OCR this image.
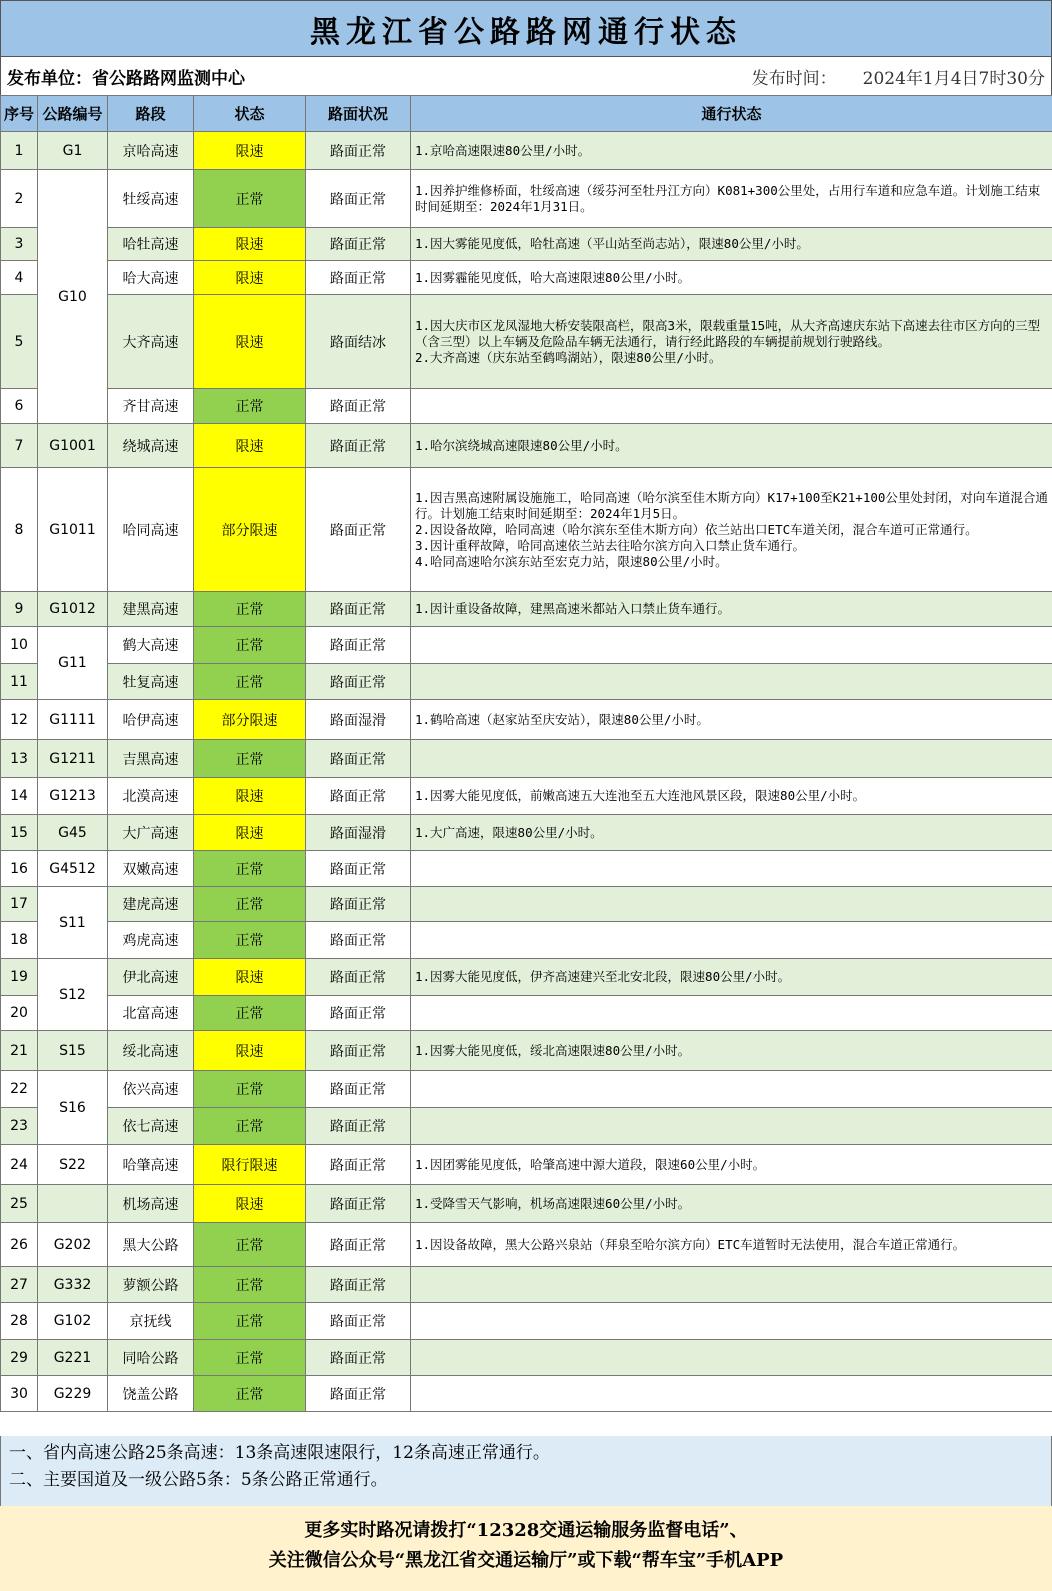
黑龙江省公路路网通行状态
发布单位：省公路路网监测中心	发布时间： 2024年1月4日7时30分
序号	公路编号	路段	状态	路面状况	通行状态
1	G1	京哈高速	限速	路面正常	1.京哈高速限速80公里/小时。

2	G10	牡绥高速	正常	路面正常	1.因养护维修桥面，牡绥高速（绥芬河至牡丹江方向）K081+300公里处，占用行车道和应急车道。计划施工结束时间延期至：2024年1月31日。

3		哈牡高速	限速	路面正常	1.因大雾能见度低，哈牡高速（平山站至尚志站），限速80公里/小时。

4		哈大高速	限速	路面正常	1.因雾霾能见度低，哈大高速限速80公里/小时。

5		大齐高速	限速	路面结冰	1.因大庆市区龙凤湿地大桥安装限高栏，限高3米，限载重量15吨，从大齐高速庆东站下高速去往市区方向的三型（含三型）以上车辆及危险品车辆无法通行，请行经此路段的车辆提前规划行驶路线。
2.大齐高速（庆东站至鹤鸣湖站），限速80公里/小时。

6		齐甘高速	正常	路面正常	
7	G1001	绕城高速	限速	路面正常	1.哈尔滨绕城高速限速80公里/小时。

8	G1011	哈同高速	部分限速	路面正常	1.因吉黑高速附属设施施工，哈同高速（哈尔滨至佳木斯方向）K17+100至K21+100公里处封闭，对向车道混合通行。计划施工结束时间延期至：2024年1月5日。
2.因设备故障，哈同高速（哈尔滨东至佳木斯方向）依兰站出口ETC车道关闭，混合车道可正常通行。
3.因计重秤故障，哈同高速依兰站去往哈尔滨方向入口禁止货车通行。
4.哈同高速哈尔滨东站至宏克力站，限速80公里/小时。

9	G1012	建黑高速	正常	路面正常	1.因计重设备故障，建黑高速米都站入口禁止货车通行。

10	G11	鹤大高速	正常	路面正常	
11		牡复高速	正常	路面正常	
12	G1111	哈伊高速	部分限速	路面湿滑	1.鹤哈高速（赵家站至庆安站），限速80公里/小时。

13	G1211	吉黑高速	正常	路面正常	
14	G1213	北漠高速	限速	路面正常	1.因雾大能见度低，前嫩高速五大连池至五大连池风景区段，限速80公里/小时。

15	G45	大广高速	限速	路面湿滑	1.大广高速，限速80公里/小时。

16	G4512	双嫩高速	正常	路面正常	
17	S11	建虎高速	正常	路面正常	
18		鸡虎高速	正常	路面正常	
19	S12	伊北高速	限速	路面正常	1.因雾大能见度低，伊齐高速建兴至北安北段，限速80公里/小时。

20		北富高速	正常	路面正常	
21	S15	绥北高速	限速	路面正常	1.因雾大能见度低，绥北高速限速80公里/小时。

22	S16	依兴高速	正常	路面正常	
23		依七高速	正常	路面正常	
24	S22	哈肇高速	限行限速	路面正常	1.因团雾能见度低，哈肇高速中源大道段，限速60公里/小时。

25		机场高速	限速	路面正常	1.受降雪天气影响，机场高速限速60公里/小时。

26	G202	黑大公路	正常	路面正常	1.因设备故障，黑大公路兴泉站（拜泉至哈尔滨方向）ETC车道暂时无法使用，混合车道正常通行。

27	G332	萝额公路	正常	路面正常	
28	G102	京抚线	正常	路面正常	
29	G221	同哈公路	正常	路面正常	
30	G229	饶盖公路	正常	路面正常	
一、省内高速公路25条高速：13条高速限速限行，12条高速正常通行。
二、主要国道及一级公路5条：5条公路正常通行。
更多实时路况请拨打“12328交通运输服务监督电话”、
关注微信公众号“黑龙江省交通运输厅”或下载“帮车宝”手机APP
